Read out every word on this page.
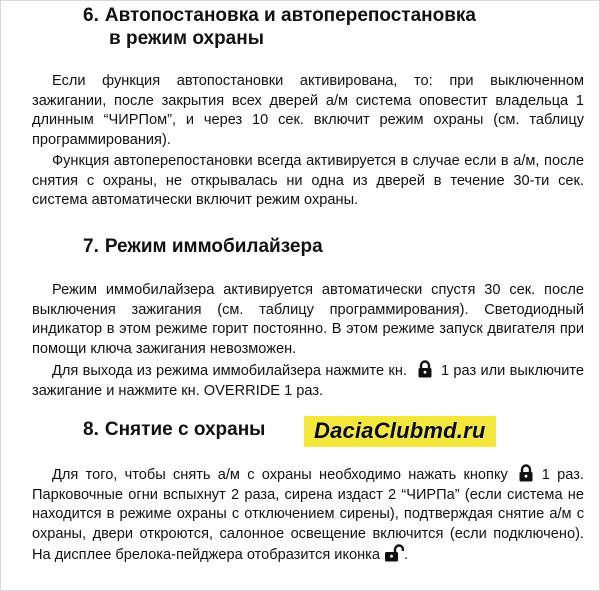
6. Автопостановка и автоперепостановка
в режим охраны
Если функция автопостановки активирована, то: при выключенном зажигании, после закрытия всех дверей а/м система оповестит владельца 1 длинным “ЧИРПом”, и через 10 сек. включит режим охраны (см. таблицу программирования).
Функция автоперепостановки всегда активируется в случае если в а/м, после снятия с охраны, не открывалась ни одна из дверей в течение 30-ти сек. система автоматически включит режим охраны.
7. Режим иммобилайзера
Режим иммобилайзера активируется автоматически спустя 30 сек. после выключения зажигания (см. таблицу программирования). Светодиодный индикатор в этом режиме горит постоянно. В этом режиме запуск двигателя при помощи ключа зажигания невозможен.
Для выхода из режима иммобилайзера нажмите кн. 1 раз или выключите зажигание и нажмите кн. OVERRIDE 1 раз.
8. Снятие с охраны	DaciaClubmd.ru
Для того, чтобы снять а/м с охраны необходимо нажать кнопку 1 раз. Парковочные огни вспыхнут 2 раза, сирена издаст 2 “ЧИРПа” (если система не находится в режиме охраны с отключением сирены), подтверждая снятие а/м с охраны, двери откроются, салонное освещение включится (если подключено). На дисплее брелока-пейджера отобразится иконка .
